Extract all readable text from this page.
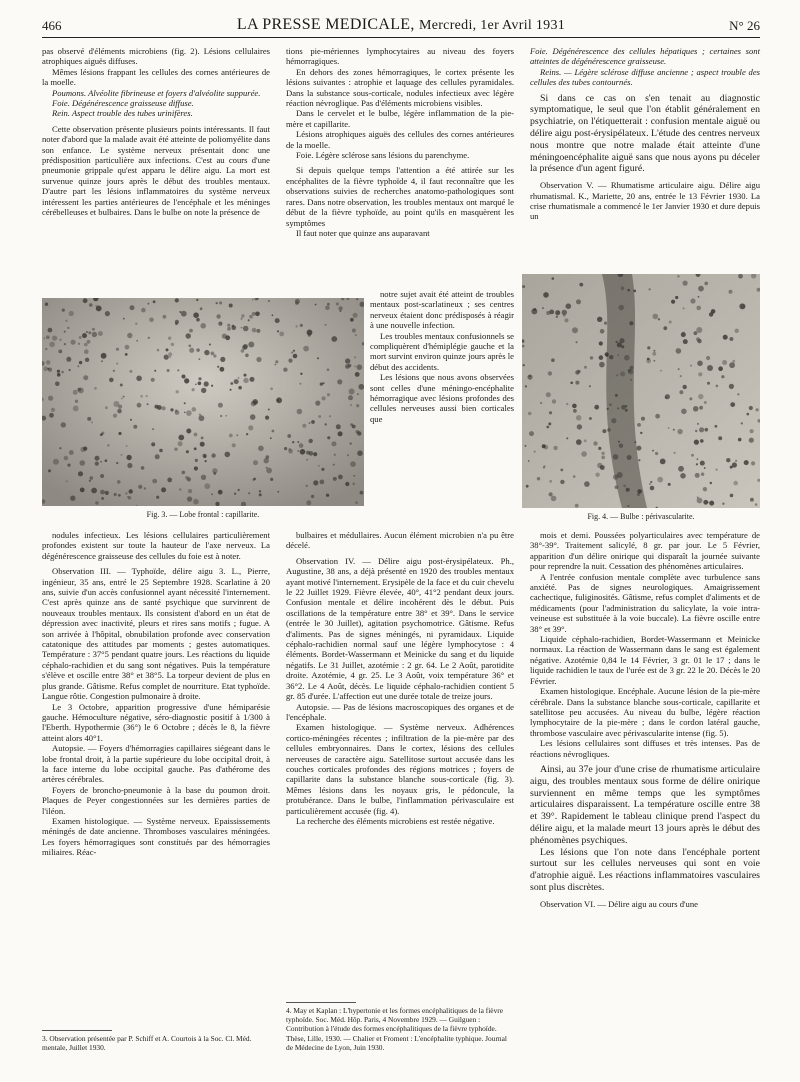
466	LA PRESSE MEDICALE, Mercredi, 1er Avril 1931	N° 26

pas observé d'éléments microbiens (fig. 2). Lésions cellulaires atrophiques aiguës diffuses.

Mêmes lésions frappant les cellules des cornes antérieures de la moelle.

Poumons. Alvéolite fibrineuse et foyers d'alvéolite suppurée.

Foie. Dégénérescence graisseuse diffuse.

Rein. Aspect trouble des tubes urinifères.

Cette observation présente plusieurs points intéressants. Il faut noter d'abord que la malade avait été atteinte de poliomyélite dans son enfance. Le système nerveux présentait donc une prédisposition particulière aux infections. C'est au cours d'une pneumonie grippale qu'est apparu le délire aigu. La mort est survenue quinze jours après le début des troubles mentaux. D'autre part les lésions inflammatoires du système nerveux intéressent les parties antérieures de l'encéphale et les méninges cérébelleuses et bulbaires. Dans le bulbe on note la présence de

tions pie-mériennes lymphocytaires au niveau des foyers hémorragiques.

En dehors des zones hémorragiques, le cortex présente les lésions suivantes : atrophie et laquage des cellules pyramidales. Dans la substance sous-corticale, nodules infectieux avec légère réaction névroglique. Pas d'éléments microbiens visibles.

Dans le cervelet et le bulbe, légère inflammation de la pie-mère et capillarite.

Lésions atrophiques aiguës des cellules des cornes antérieures de la moelle.

Foie. Légère sclérose sans lésions du parenchyme.

Si depuis quelque temps l'attention a été attirée sur les encéphalites de la fièvre typhoïde 4, il faut reconnaître que les observations suivies de recherches anatomo-pathologiques sont rares. Dans notre observation, les troubles mentaux ont marqué le début de la fièvre typhoïde, au point qu'ils en masquèrent les symptômes

Il faut noter que quinze ans auparavant

Foie. Dégénérescence des cellules hépatiques ; certaines sont atteintes de dégénérescence graisseuse.

Reins. — Légère sclérose diffuse ancienne ; aspect trouble des cellules des tubes contournés.

Si dans ce cas on s'en tenait au diagnostic symptomatique, le seul que l'on établit généralement en psychiatrie, on l'étiquetterait : confusion mentale aiguë ou délire aigu post-érysipélateux. L'étude des centres nerveux nous montre que notre malade était atteinte d'une méningoencéphalite aiguë sans que nous ayons pu déceler la présence d'un agent figuré.

Observation V. — Rhumatisme articulaire aigu. Délire aigu rhumatismal. K., Mariette, 20 ans, entrée le 13 Février 1930. La crise rhumatismale a commencé le 1er Janvier 1930 et dure depuis un

Fig. 3. — Lobe frontal : capillarite.

notre sujet avait été atteint de troubles mentaux post-scarlatineux ; ses centres nerveux étaient donc prédisposés à réagir à une nouvelle infection.

Les troubles mentaux confusionnels se compliquèrent d'hémiplégie gauche et la mort survint environ quinze jours après le début des accidents.

Les lésions que nous avons observées sont celles d'une méningo-encéphalite hémorragique avec lésions profondes des cellules nerveuses aussi bien corticales que

Fig. 4. — Bulbe : périvascularite.

nodules infectieux. Les lésions cellulaires particulièrement profondes existent sur toute la hauteur de l'axe nerveux. La dégénérescence graisseuse des cellules du foie est à noter.

Observation III. — Typhoïde, délire aigu 3. L., Pierre, ingénieur, 35 ans, entré le 25 Septembre 1928. Scarlatine à 20 ans, suivie d'un accès confusionnel ayant nécessité l'internement. C'est après quinze ans de santé psychique que survinrent de nouveaux troubles mentaux. Ils consistent d'abord en un état de dépression avec inactivité, pleurs et rires sans motifs ; fugue. A son arrivée à l'hôpital, obnubilation profonde avec conservation catatonique des attitudes par moments ; gestes automatiques. Température : 37°5 pendant quatre jours. Les réactions du liquide céphalo-rachidien et du sang sont négatives. Puis la température s'élève et oscille entre 38° et 38°5. La torpeur devient de plus en plus grande. Gâtisme. Refus complet de nourriture. Etat typhoïde. Langue rôtie. Congestion pulmonaire à droite.

Le 3 Octobre, apparition progressive d'une hémiparésie gauche. Hémoculture négative, séro-diagnostic positif à 1/300 à l'Eberth. Hypothermie (36°) le 6 Octobre ; décès le 8, la fièvre atteint alors 40°1.

Autopsie. — Foyers d'hémorragies capillaires siégeant dans le lobe frontal droit, à la partie supérieure du lobe occipital droit, à la face interne du lobe occipital gauche. Pas d'athérome des artères cérébrales.

Foyers de broncho-pneumonie à la base du poumon droit. Plaques de Peyer congestionnées sur les dernières parties de l'iléon.

Examen histologique. — Système nerveux. Epaississements méningés de date ancienne. Thromboses vasculaires méningées. Les foyers hémorragiques sont constitués par des hémorragies miliaires. Réac-

3. Observation présentée par P. Schiff et A. Courtois à la Soc. Cl. Méd. mentale, Juillet 1930.

bulbaires et médullaires. Aucun élément microbien n'a pu être décelé.

Observation IV. — Délire aigu post-érysipélateux. Ph., Augustine, 38 ans, a déjà présenté en 1920 des troubles mentaux ayant motivé l'internement. Erysipèle de la face et du cuir chevelu le 22 Juillet 1929. Fièvre élevée, 40°, 41°2 pendant deux jours. Confusion mentale et délire incohérent dès le début. Puis oscillations de la température entre 38° et 39°. Dans le service (entrée le 30 Juillet), agitation psychomotrice. Gâtisme. Refus d'aliments. Pas de signes méningés, ni pyramidaux. Liquide céphalo-rachidien normal sauf une légère lymphocytose : 4 éléments. Bordet-Wassermann et Meinicke du sang et du liquide négatifs. Le 31 Juillet, azotémie : 2 gr. 64. Le 2 Août, parotidite droite. Azotémie, 4 gr. 25. Le 3 Août, voix température 36° et 36°2. Le 4 Août, décès. Le liquide céphalo-rachidien contient 5 gr. 85 d'urée. L'affection eut une durée totale de treize jours.

Autopsie. — Pas de lésions macroscopiques des organes et de l'encéphale.

Examen histologique. — Système nerveux. Adhérences cortico-méningées récentes ; infiltration de la pie-mère par des cellules embryonnaires. Dans le cortex, lésions des cellules nerveuses de caractère aigu. Satellitose surtout accusée dans les couches corticales profondes des régions motrices ; foyers de capillarite dans la substance blanche sous-corticale (fig. 3). Mêmes lésions dans les noyaux gris, le pédoncule, la protubérance. Dans le bulbe, l'inflammation périvasculaire est particulièrement accusée (fig. 4).

La recherche des éléments microbiens est restée négative.

4. May et Kaplan : L'hypertonie et les formes encéphalitiques de la fièvre typhoïde. Soc. Méd. Hôp. Paris, 4 Novembre 1929. — Guilguen : Contribution à l'étude des formes encéphalitiques de la fièvre typhoïde. Thèse, Lille, 1930. — Chalier et Froment : L'encéphalite typhique. Journal de Médecine de Lyon, Juin 1930.

mois et demi. Poussées polyarticulaires avec température de 38°-39°. Traitement salicylé, 8 gr. par jour. Le 5 Février, apparition d'un délire onirique qui disparaît la journée suivante pour reprendre la nuit. Cessation des phénomènes articulaires.

A l'entrée confusion mentale complète avec turbulence sans anxiété. Pas de signes neurologiques. Amaigrissement cachectique, fuliginosités. Gâtisme, refus complet d'aliments et de médicaments (pour l'administration du salicylate, la voie intra-veineuse est substituée à la voie buccale). La fièvre oscille entre 38° et 39°.

Liquide céphalo-rachidien, Bordet-Wassermann et Meinicke normaux. La réaction de Wassermann dans le sang est également négative. Azotémie 0,84 le 14 Février, 3 gr. 01 le 17 ; dans le liquide rachidien le taux de l'urée est de 3 gr. 22 le 20. Décès le 20 Février.

Examen histologique. Encéphale. Aucune lésion de la pie-mère cérébrale. Dans la substance blanche sous-corticale, capillarite et satellitose peu accusées. Au niveau du bulbe, légère réaction lymphocytaire de la pie-mère ; dans le cordon latéral gauche, thrombose vasculaire avec périvascularite intense (fig. 5).

Les lésions cellulaires sont diffuses et très intenses. Pas de réactions névrogliques.

Ainsi, au 37e jour d'une crise de rhumatisme articulaire aigu, des troubles mentaux sous forme de délire onirique surviennent en même temps que les symptômes articulaires disparaissent. La température oscille entre 38 et 39°. Rapidement le tableau clinique prend l'aspect du délire aigu, et la malade meurt 13 jours après le début des phénomènes psychiques.

Les lésions que l'on note dans l'encéphale portent surtout sur les cellules nerveuses qui sont en voie d'atrophie aiguë. Les réactions inflammatoires vasculaires sont plus discrètes.

Observation VI. — Délire aigu au cours d'une
